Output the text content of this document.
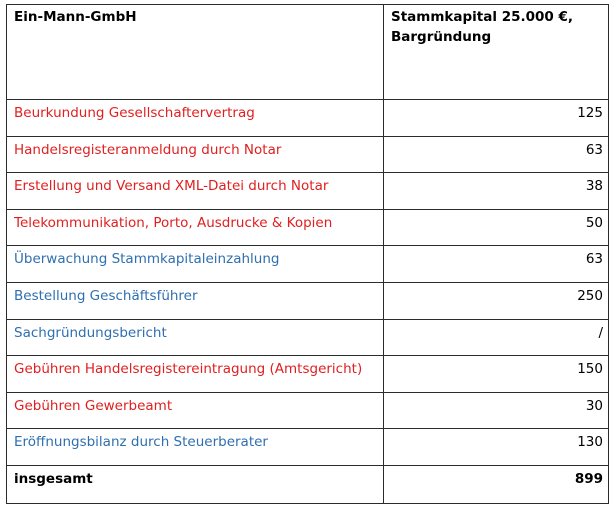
Ein-Mann-GmbH	Stammkapital 25.000 €,
Bargründung
Beurkundung Gesellschaftervertrag	125
Handelsregisteranmeldung durch Notar	63
Erstellung und Versand XML-Datei durch Notar	38
Telekommunikation, Porto, Ausdrucke & Kopien	50
Überwachung Stammkapitaleinzahlung	63
Bestellung Geschäftsführer	250
Sachgründungsbericht	/
Gebühren Handelsregistereintragung (Amtsgericht)	150
Gebühren Gewerbeamt	30
Eröffnungsbilanz durch Steuerberater	130
insgesamt	899
